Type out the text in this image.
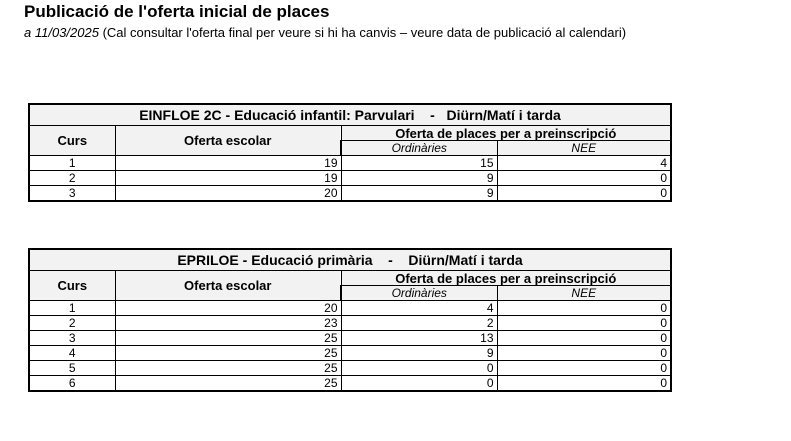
Publicació de l'oferta inicial de places
a 11/03/2025 (Cal consultar l'oferta final per veure si hi ha canvis – veure data de publicació al calendari)
EINFLOE 2C - Educació infantil: Parvulari    -   Diürn/Matí i tarda			
Curs	Oferta escolar	Oferta de places per a preinscripció	
		Ordinàries	NEE
1	19	15	4
2	19	9	0
3	20	9	0
EPRILOE - Educació primària    -    Diürn/Matí i tarda			
Curs	Oferta escolar	Oferta de places per a preinscripció	
		Ordinàries	NEE
1	20	4	0
2	23	2	0
3	25	13	0
4	25	9	0
5	25	0	0
6	25	0	0
